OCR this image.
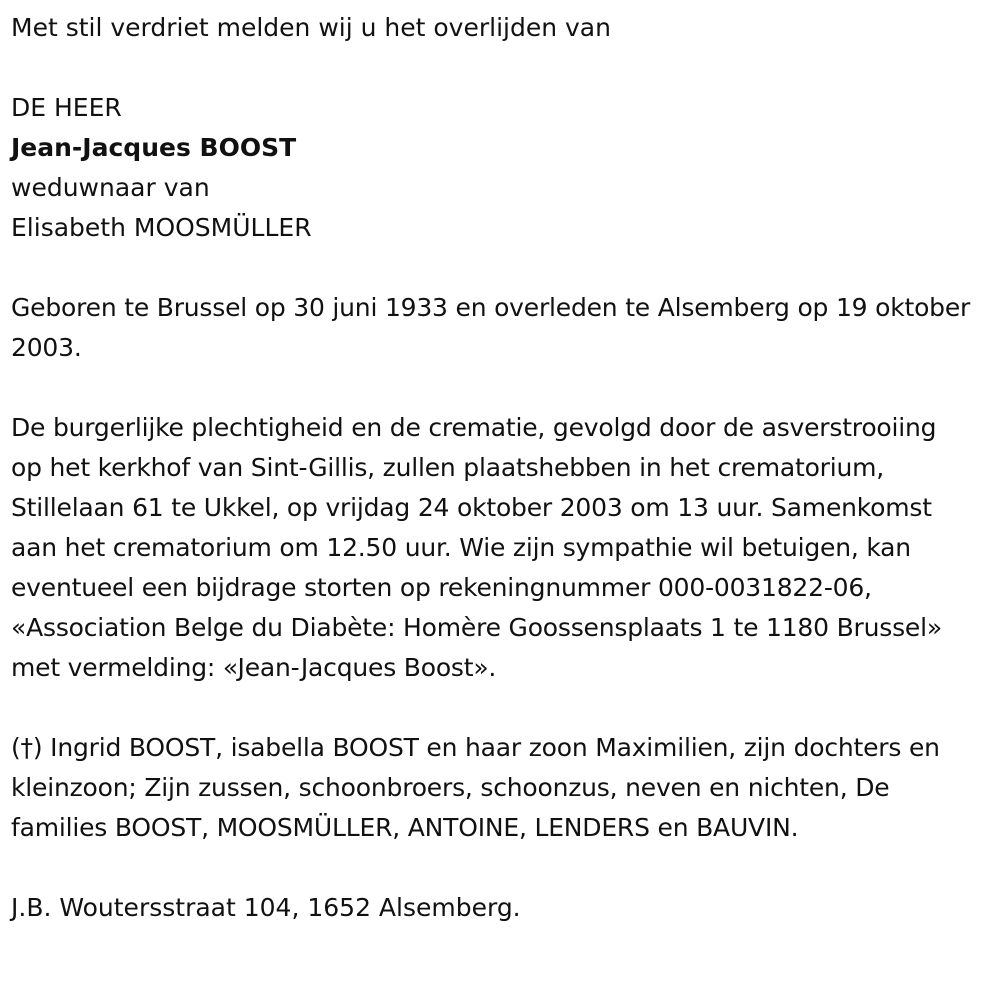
Met stil verdriet melden wij u het overlijden van

DE HEER

Jean-Jacques BOOST

weduwnaar van

Elisabeth MOOSMÜLLER

Geboren te Brussel op 30 juni 1933 en overleden te Alsemberg op 19 oktober 2003.

De burgerlijke plechtigheid en de crematie, gevolgd door de asverstrooiing op het kerkhof van Sint-Gillis, zullen plaatshebben in het crematorium, Stillelaan 61 te Ukkel, op vrijdag 24 oktober 2003 om 13 uur. Samenkomst aan het crematorium om 12.50 uur. Wie zijn sympathie wil betuigen, kan eventueel een bijdrage storten op rekeningnummer 000-0031822-06, «Association Belge du Diabète: Homère Goossensplaats 1 te 1180 Brussel» met vermelding: «Jean-Jacques Boost».

(†) Ingrid BOOST, isabella BOOST en haar zoon Maximilien, zijn dochters en kleinzoon; Zijn zussen, schoonbroers, schoonzus, neven en nichten, De families BOOST, MOOSMÜLLER, ANTOINE, LENDERS en BAUVIN.

J.B. Woutersstraat 104, 1652 Alsemberg.
